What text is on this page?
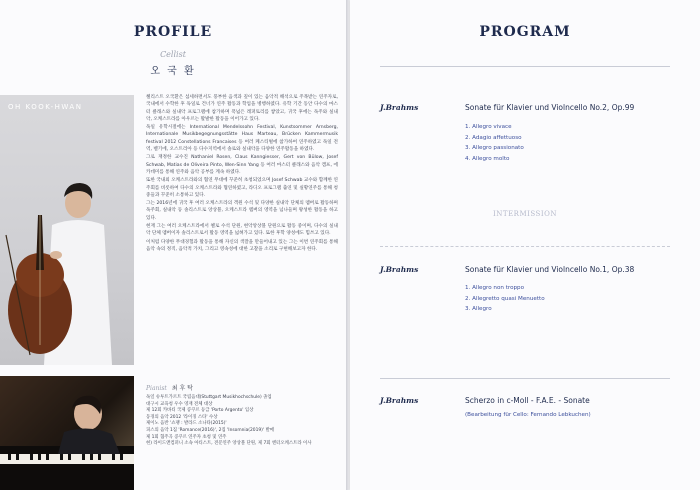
PROFILE
Cellist
오 국 환
OH KOOK-HWAN

첼리스트 오국환은 섬세하면서도 풍부한 음색과 깊이 있는 음악적 해석으로 주목받는 연주자로, 국내에서 수학한 후 독일로 건너가 연주 활동과 학업을 병행하였다. 유학 기간 동안 다수의 마스터 클래스와 실내악 프로그램에 참가하며 폭넓은 레퍼토리를 쌓았고, 귀국 후에는 독주와 실내악, 오케스트라를 아우르는 활발한 활동을 이어가고 있다.

독일 유학시절에는 International Mendelssohn Festival, Kunstsommer Arnsberg, Internationale Musikbegegnungsstätte Haus Marteau, Brücken Kammermusik festival 2012 Constellations Francaises 등 여러 페스티벌에 참가하여 연주하였고 독일 전역, 벨기에, 오스트리아 등 다수지역에서 솔로와 실내악을 다양한 연주활동을 하였다.

그로 재정한 교수진 Nathaniel Rosen, Claus Kanngiesser, Gert von Bülow, Josef Schwab, Matias de Oliveira Pinto, Wen-Sinn Yang 등 여러 마스터 클래스와 음악 캠프, 에카데미를 통해 연주와 음악 공부를 계속 하였다.

또한 국내외 오케스트라와의 협연 무대에 꾸준히 초청되었으며 Josef Schwab 교수와 함께한 연주회를 비롯하여 다수의 오케스트라와 협연하였고, 라디오 프로그램 출연 및 실황연주를 통해 청중들과 꾸준히 소통하고 있다.

그는 2016년에 귀국 후 여러 오케스트라의 객원 수석 및 다양한 실내악 단체의 멤버로 활동하며 독주회, 실내악 등 솔리스트로 앙상블, 오케스트라 멤버의 영역을 넘나들며 왕성한 활동을 하고 있다.

현재 그는 여러 오케스트라에서 첼로 수석 단원, 현악앙상블 단원으로 활동 중이며, 다수의 실내악 단체 멤버이자 솔리스트로서 활동 영역을 넓혀가고 있다. 또한 후학 양성에도 힘쓰고 있다.

이처럼 다양한 무대경험과 활동을 통해 자신의 색깔을 만들어내고 있는 그는 이번 연주회를 통해 음악 속의 정직, 음악적 가치, 그리고 영속성에 대한 고찰을 소리로 구현해보고자 한다.

Pianist 최 후 탁

독일 슈투트가르트 국립음대(Stuttgart Musikhochschule) 졸업

대구시 교육청 우수 영재 전체 대상

제 12회 카바티 국제 콩쿠르 등급 'Porto Argento' 입상

동경의 음악 2012 '라이징 스타' 수상

제이노 음반 '쇼팽 : 발라드 소나타(2015)'

피스의 음악 1집 'Romance(2016)', 2집 'Insomnia(2019)' 발매

제 1회 협주곡 콩쿠르 연주자 초청 및 연주

현) 라이드앤컴퍼니 소속 아티스트, 전문연주 앙상블 단원, 제 7회 엔터오케스트라 이사

PROGRAM
J.Brahms	Sonate für Klavier und Violncello No.2, Op.99
1. Allegro vivace
2. Adagio affettuoso
3. Allegro passionato
4. Allegro molto
INTERMISSION
J.Brahms	Sonate für Klavier und Violncello No.1, Op.38
1. Allegro non troppo
2. Allegretto quasi Menuetto
3. Allegro
J.Brahms	Scherzo in c-Moll - F.A.E. - Sonate
(Bearbeitung für Cello: Fernando Lebkuchen)
